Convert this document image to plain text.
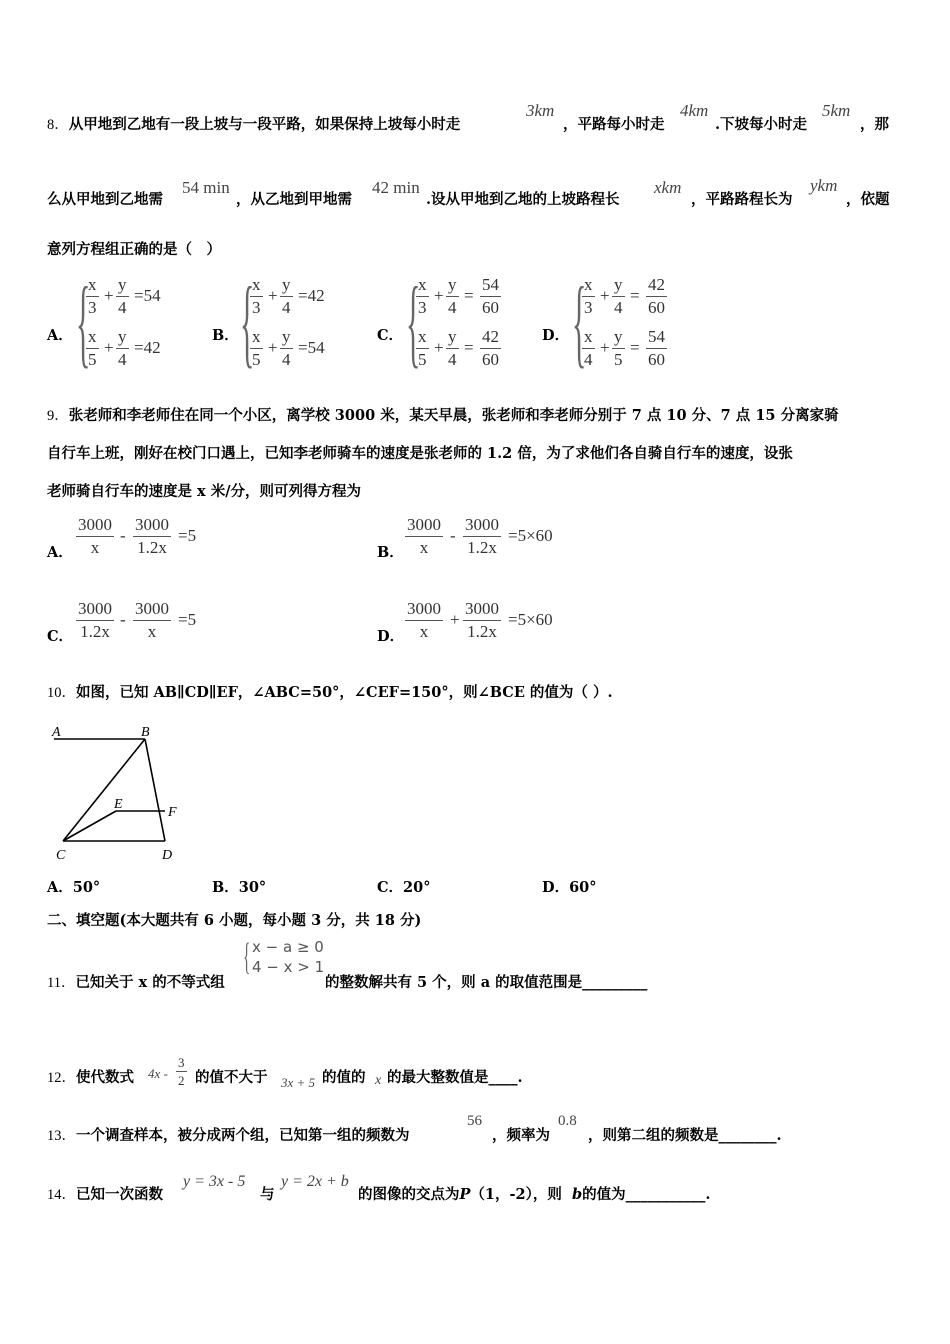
8．从甲地到乙地有一段上坡与一段平路，如果保持上坡每小时走
3km
，平路每小时走
4km
.下坡每小时走
5km
，那
么从甲地到乙地需
54 min
，从乙地到甲地需
42 min
.设从甲地到乙地的上坡路程长
xkm
，平路路程长为
ykm
，依题
意列方程组正确的是（　）
A． {
$\frac{x}{3} + \frac{y}{4} =54$
$\frac{x}{5} + \frac{y}{4} =42$
B． {
$\frac{x}{3} + \frac{y}{4} =42$
$\frac{x}{5} + \frac{y}{4} =54$
C． {
$\frac{x}{3} + \frac{y}{4} = \frac{54}{60}$
$\frac{x}{5} + \frac{y}{4} = \frac{42}{60}$	D． {
$\frac{x}{3} + \frac{y}{4} = \frac{42}{60}$
$\frac{x}{4} + \frac{y}{5} = \frac{54}{60}$
9．张老师和李老师住在同一个小区，离学校 3000 米，某天早晨，张老师和李老师分别于 7 点 10 分、7 点 15 分离家骑
自行车上班，刚好在校门口遇上，已知李老师骑车的速度是张老师的 1.2 倍，为了求他们各自骑自行车的速度，设张
老师骑自行车的速度是 x 米/分，则可列得方程为
A． $\frac{3000}{x} - \frac{3000}{1.2x} =5$
B． $\frac{3000}{x} - \frac{3000}{1.2x} =5\times 60$
C． $\frac{3000}{1.2x} - \frac{3000}{x} =5$
D． $\frac{3000}{x} + \frac{3000}{1.2x} =5\times 60$
10．如图，已知 AB∥CD∥EF，∠ABC=50°，∠CEF=150°，则∠BCE 的值为（ ）.
A	B
C	D
E
F
A．50°	B．30°	C．20°	D．60°
二、填空题(本大题共有 6 小题，每小题 3 分，共 18 分)
11．已知关于 x 的不等式组
{ x − a ≥ 0
4 − x > 1
的整数解共有 5 个，则 a 的取值范围是_________
12．使代数式 $4x - \frac{3}{2}$ 的值不大于 3x + 5 的值的 x 的最大整数值是____.
13．一个调查样本，被分成两个组，已知第一组的频数为
56
，频率为
0.8
，则第二组的频数是________.
14．已知一次函数
y = 3x - 5
与
y = 2x + b
的图像的交点为P（1，-2），则 b的值为___________.
